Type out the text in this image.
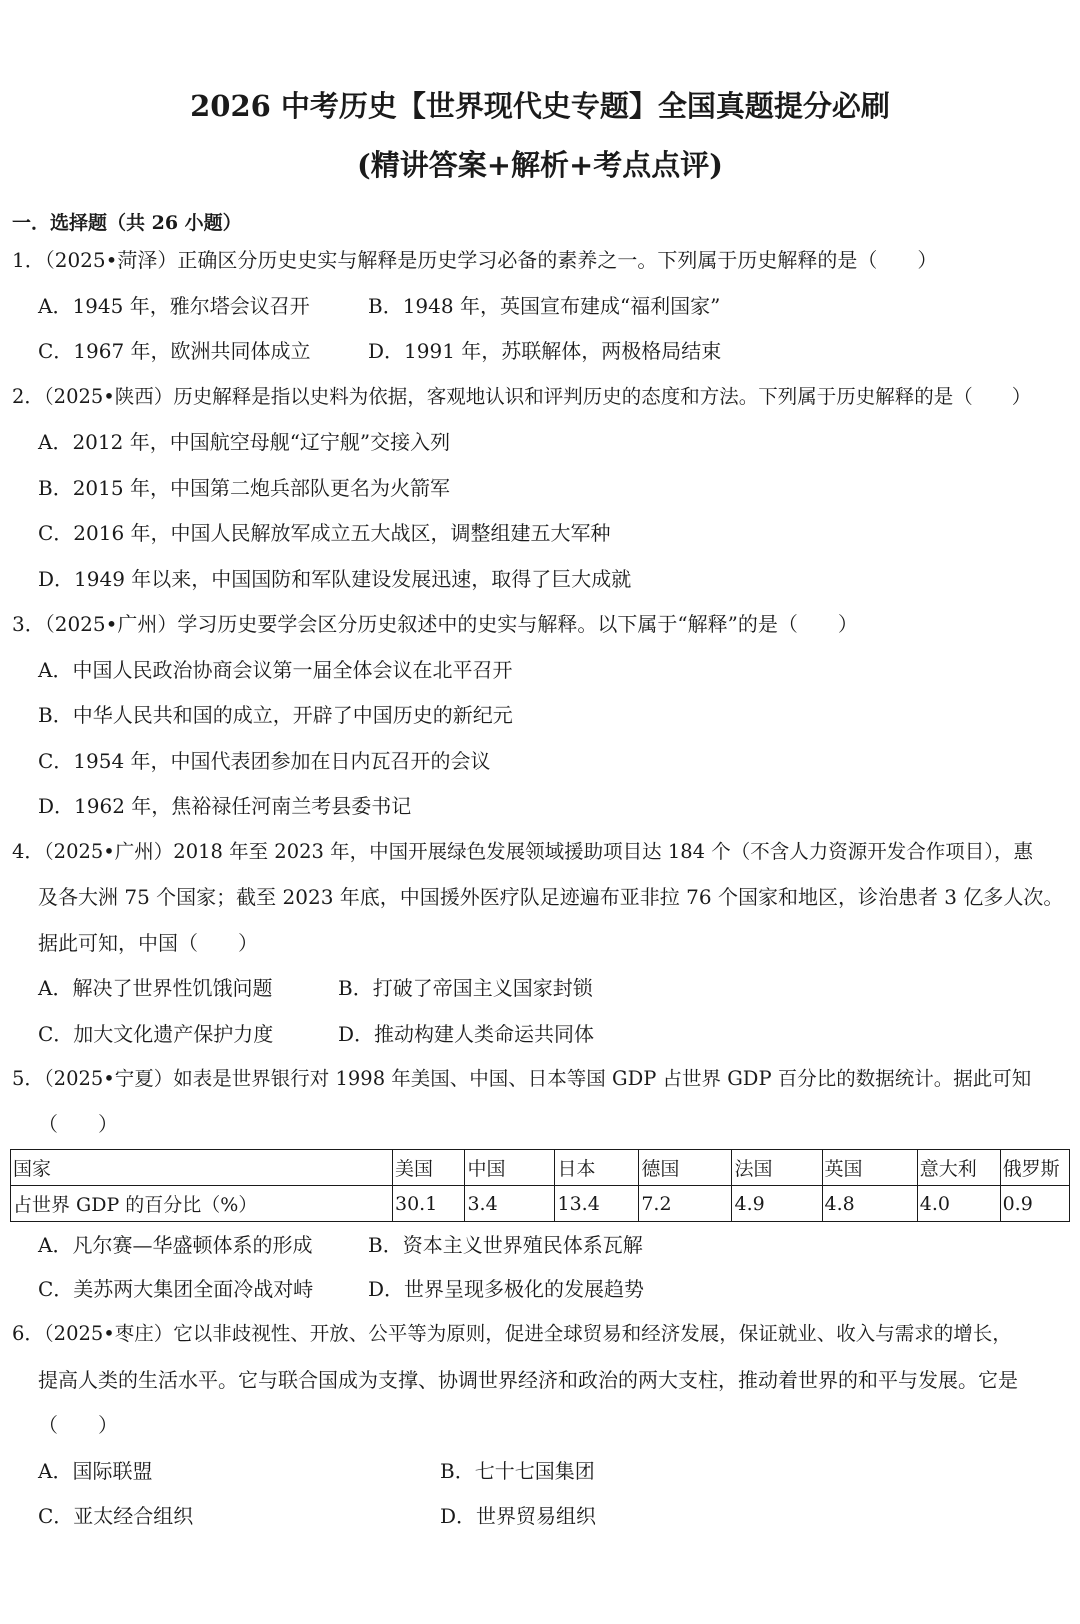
2026 中考历史【世界现代史专题】全国真题提分必刷
(精讲答案+解析+考点点评)
一．选择题（共 26 小题）
1．（2025•菏泽）正确区分历史史实与解释是历史学习必备的素养之一。下列属于历史解释的是（　　）
A．1945 年，雅尔塔会议召开	B．1948 年，英国宣布建成“福利国家”
C．1967 年，欧洲共同体成立	D．1991 年，苏联解体，两极格局结束
2．（2025•陕西）历史解释是指以史料为依据，客观地认识和评判历史的态度和方法。下列属于历史解释的是（　　）
A．2012 年，中国航空母舰“辽宁舰”交接入列
B．2015 年，中国第二炮兵部队更名为火箭军
C．2016 年，中国人民解放军成立五大战区，调整组建五大军种
D．1949 年以来，中国国防和军队建设发展迅速，取得了巨大成就
3．（2025•广州）学习历史要学会区分历史叙述中的史实与解释。以下属于“解释”的是（　　）
A．中国人民政治协商会议第一届全体会议在北平召开
B．中华人民共和国的成立，开辟了中国历史的新纪元
C．1954 年，中国代表团参加在日内瓦召开的会议
D．1962 年，焦裕禄任河南兰考县委书记
4．（2025•广州）2018 年至 2023 年，中国开展绿色发展领域援助项目达 184 个（不含人力资源开发合作项目），惠
及各大洲 75 个国家；截至 2023 年底，中国援外医疗队足迹遍布亚非拉 76 个国家和地区，诊治患者 3 亿多人次。
据此可知，中国（　　）
A．解决了世界性饥饿问题	B．打破了帝国主义国家封锁
C．加大文化遗产保护力度	D．推动构建人类命运共同体
5．（2025•宁夏）如表是世界银行对 1998 年美国、中国、日本等国 GDP 占世界 GDP 百分比的数据统计。据此可知
（　　）
国家	美国	中国	日本	德国	法国	英国	意大利	俄罗斯
占世界 GDP 的百分比（%）	30.1	3.4	13.4	7.2	4.9	4.8	4.0	0.9
A．凡尔赛—华盛顿体系的形成	B．资本主义世界殖民体系瓦解
C．美苏两大集团全面冷战对峙	D．世界呈现多极化的发展趋势
6．（2025•枣庄）它以非歧视性、开放、公平等为原则，促进全球贸易和经济发展，保证就业、收入与需求的增长，
提高人类的生活水平。它与联合国成为支撑、协调世界经济和政治的两大支柱，推动着世界的和平与发展。它是
（　　）
A．国际联盟	B．七十七国集团
C．亚太经合组织	D．世界贸易组织
